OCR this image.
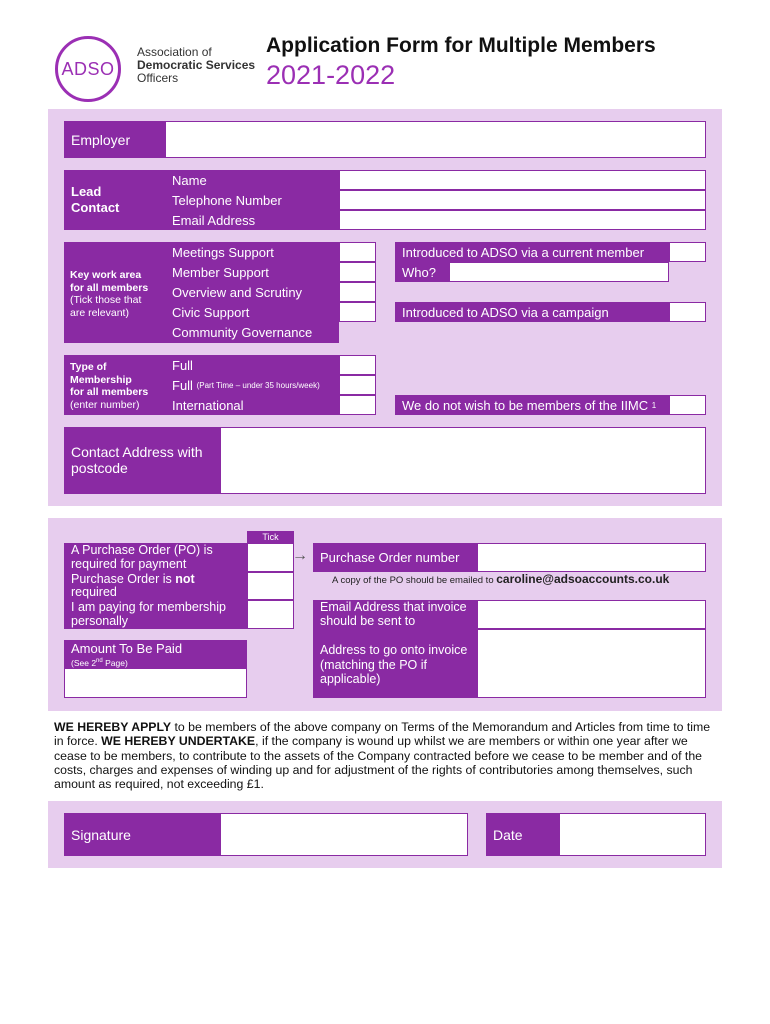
ADSO
Association of
Democratic Services
Officers
Application Form for Multiple Members
2021-2022
Employer
Lead
Contact
Name
Telephone Number
Email Address
Key work area
for all members
(Tick those that
are relevant)
Meetings Support
Member Support
Overview and Scrutiny
Civic Support
Community Governance
Introduced to ADSO via a current member
Who?
Introduced to ADSO via a campaign
Type of
Membership
for all members
(enter number)
Full
Full
(Part Time – under 35 hours/week)
International	We do not wish to be members of the IIMC
1
Contact Address with
postcode
Tick
A Purchase Order (PO) is required for payment
Purchase Order is not required
I am paying for membership personally
→ Purchase Order number
A copy of the PO should be emailed to caroline@adsoaccounts.co.uk
Email Address that invoice should be sent to
Address to go onto invoice (matching the PO if applicable)
Amount To Be Paid
(See 2nd Page)
WE HEREBY APPLY to be members of the above company on Terms of the Memorandum and Articles from time to time in force. WE HEREBY UNDERTAKE, if the company is wound up whilst we are members or within one year after we cease to be members, to contribute to the assets of the Company contracted before we cease to be member and of the costs, charges and expenses of winding up and for adjustment of the rights of contributories among themselves, such amount as required, not exceeding £1.
Signature	Date
